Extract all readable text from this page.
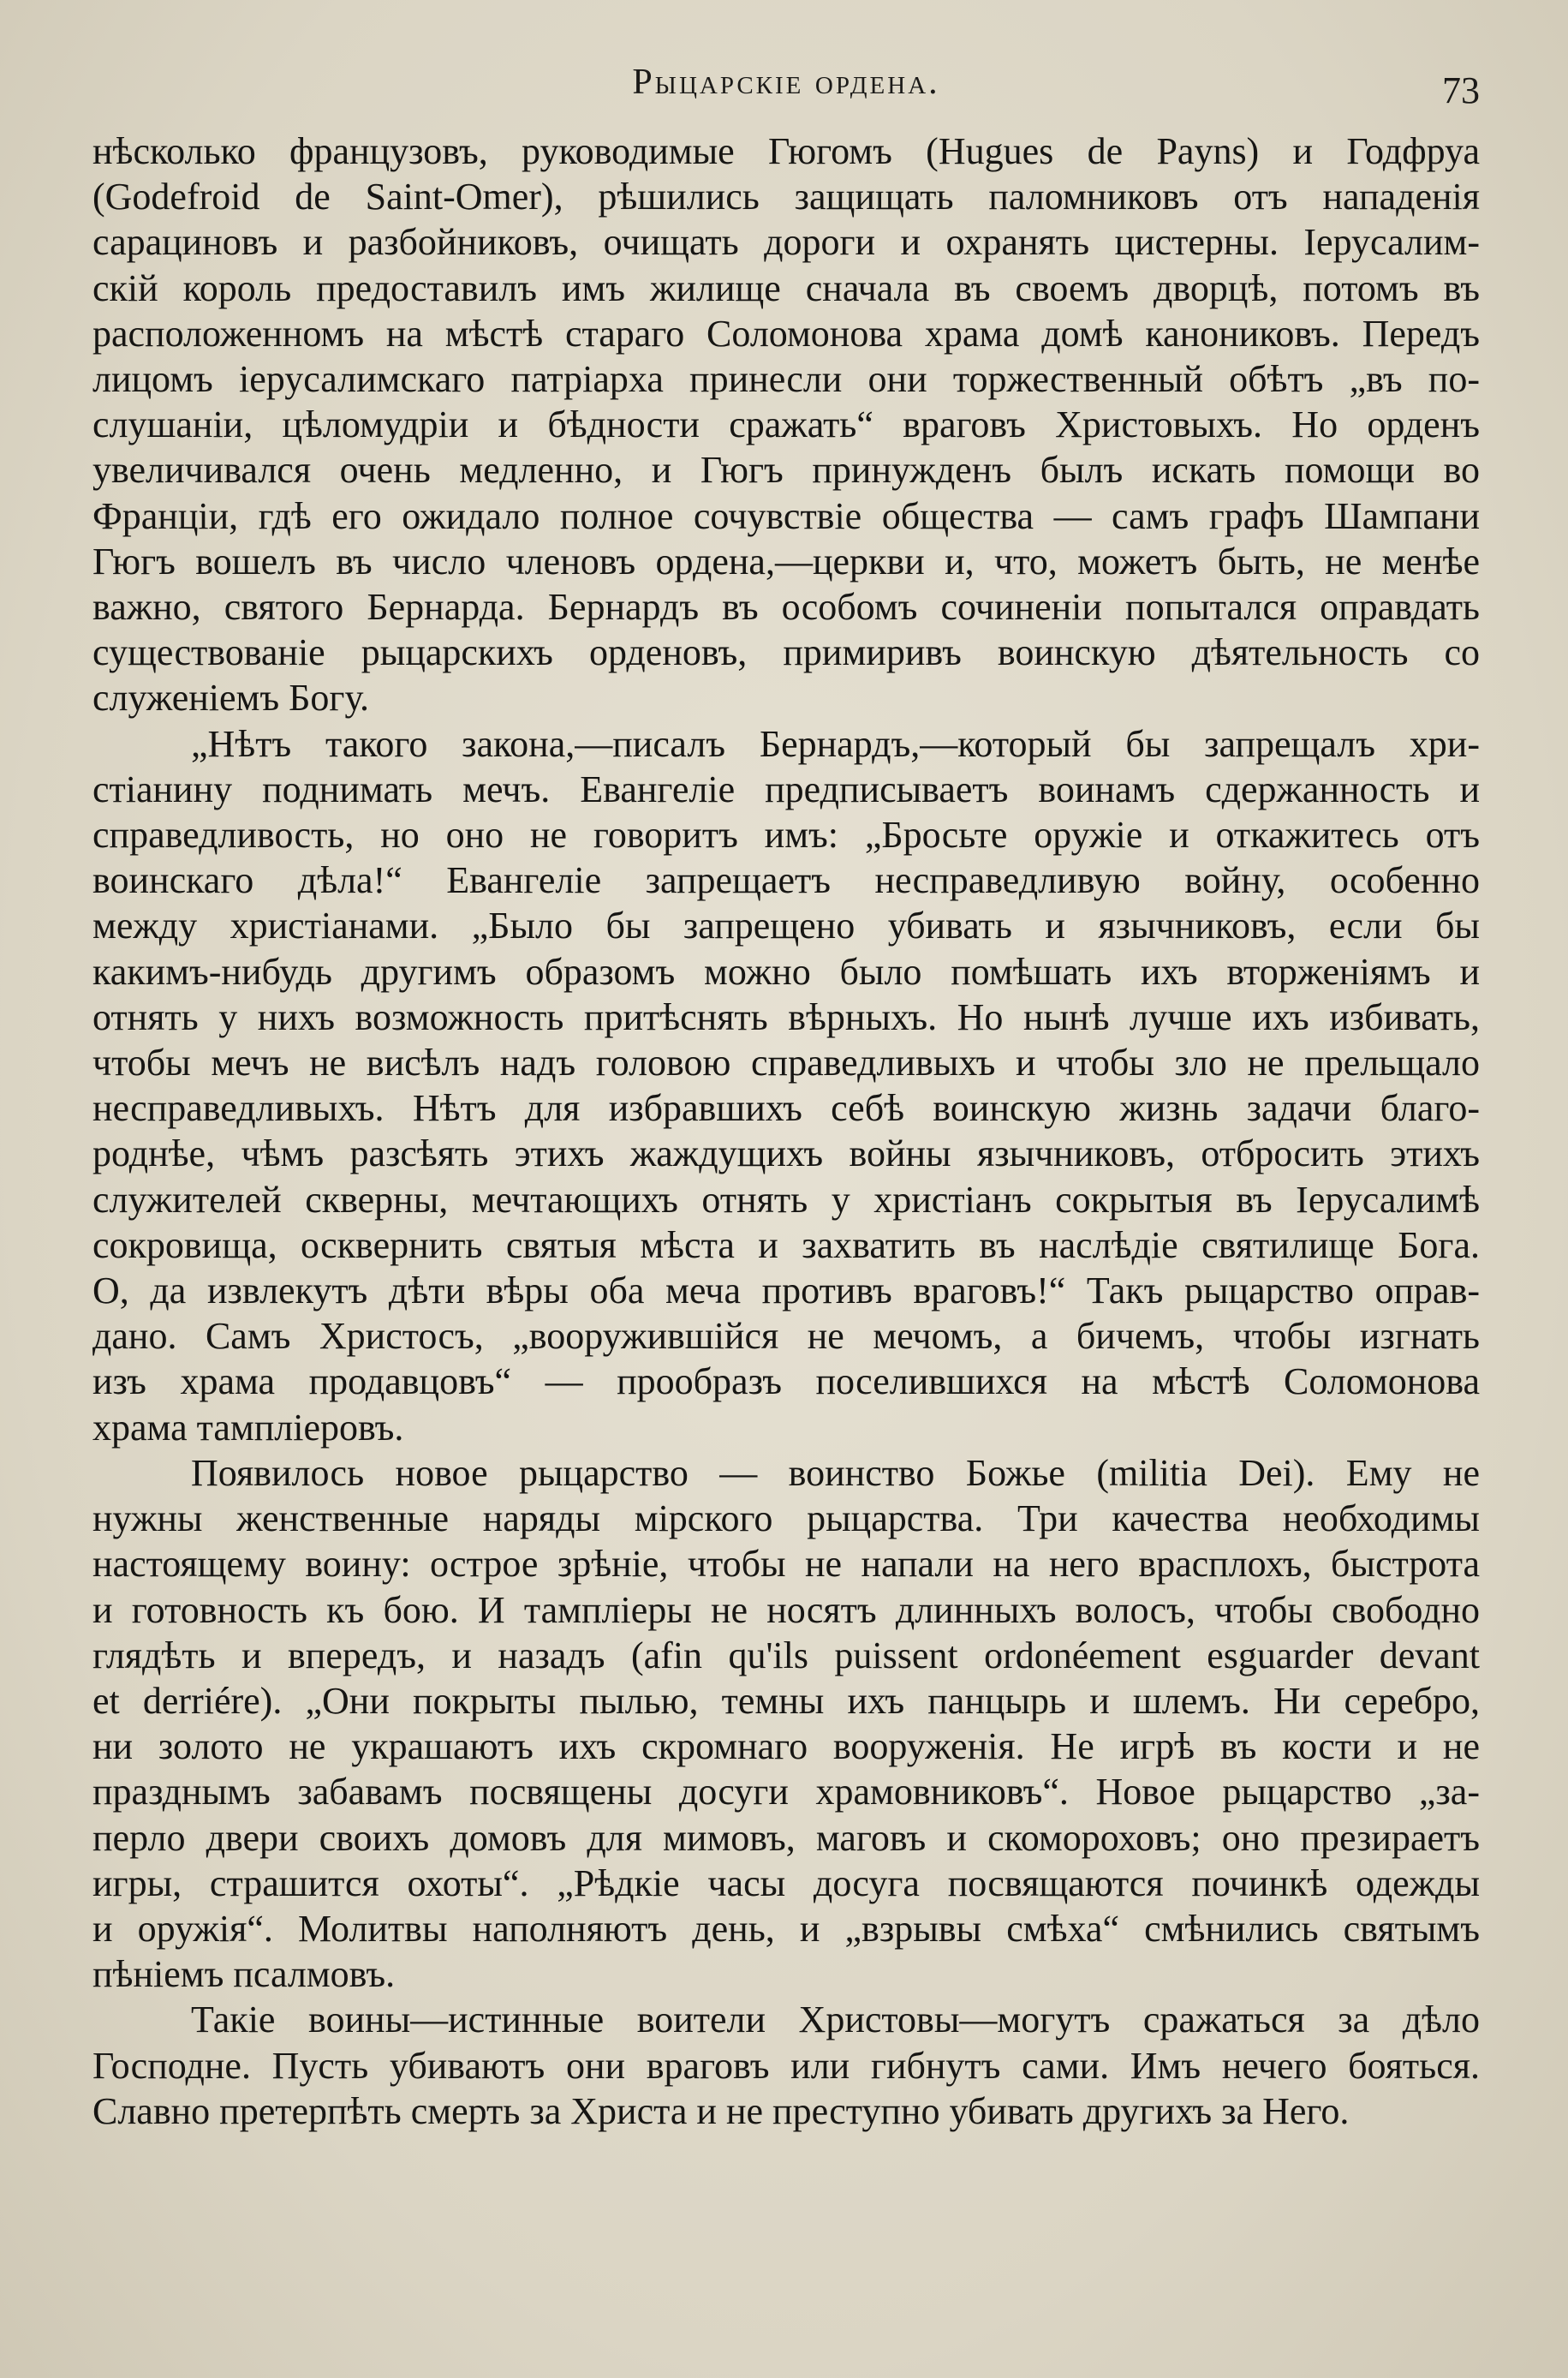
Рыцарскіе ордена.	73

нѣсколько французовъ, руководимые Гюгомъ (Hugues de Payns) и Годфруа
(Godefroid de Saint-Omer), рѣшились защищать паломниковъ отъ нападенія
сарациновъ и разбойниковъ, очищать дороги и охранять цистерны. Іерусалим-
скій король предоставилъ имъ жилище сначала въ своемъ дворцѣ, потомъ въ
расположенномъ на мѣстѣ стараго Соломонова храма домѣ канониковъ. Передъ
лицомъ іерусалимскаго патріарха принесли они торжественный обѣтъ „въ по-
слушаніи, цѣломудріи и бѣдности сражать“ враговъ Христовыхъ. Но орденъ
увеличивался очень медленно, и Гюгъ принужденъ былъ искать помощи во
Франціи, гдѣ его ожидало полное сочувствіе общества — самъ графъ Шампани
Гюгъ вошелъ въ число членовъ ордена,—церкви и, что, можетъ быть, не менѣе
важно, святого Бернарда. Бернардъ въ особомъ сочиненіи попытался оправдать
существованіе рыцарскихъ орденовъ, примиривъ воинскую дѣятельность со
служеніемъ Богу.

„Нѣтъ такого закона,—писалъ Бернардъ,—который бы запрещалъ хри-
стіанину поднимать мечъ. Евангеліе предписываетъ воинамъ сдержанность и
справедливость, но оно не говоритъ имъ: „Бросьте оружіе и откажитесь отъ
воинскаго дѣла!“ Евангеліе запрещаетъ несправедливую войну, особенно
между христіанами. „Было бы запрещено убивать и язычниковъ, если бы
какимъ-нибудь другимъ образомъ можно было помѣшать ихъ вторженіямъ и
отнять у нихъ возможность притѣснять вѣрныхъ. Но нынѣ лучше ихъ избивать,
чтобы мечъ не висѣлъ надъ головою справедливыхъ и чтобы зло не прельщало
несправедливыхъ. Нѣтъ для избравшихъ себѣ воинскую жизнь задачи благо-
роднѣе, чѣмъ разсѣять этихъ жаждущихъ войны язычниковъ, отбросить этихъ
служителей скверны, мечтающихъ отнять у христіанъ сокрытыя въ Іерусалимѣ
сокровища, осквернить святыя мѣста и захватить въ наслѣдіе святилище Бога.
О, да извлекутъ дѣти вѣры оба меча противъ враговъ!“ Такъ рыцарство оправ-
дано. Самъ Христосъ, „вооружившійся не мечомъ, а бичемъ, чтобы изгнать
изъ храма продавцовъ“ — прообразъ поселившихся на мѣстѣ Соломонова
храма тампліеровъ.

Появилось новое рыцарство — воинство Божье (militia Dei). Ему не
нужны женственные наряды мірского рыцарства. Три качества необходимы
настоящему воину: острое зрѣніе, чтобы не напали на него врасплохъ, быстрота
и готовность къ бою. И тампліеры не носятъ длинныхъ волосъ, чтобы свободно
глядѣть и впередъ, и назадъ (afin qu'ils puissent ordonéement esguarder devant
et derriére). „Они покрыты пылью, темны ихъ панцырь и шлемъ. Ни серебро,
ни золото не украшаютъ ихъ скромнаго вооруженія. Не игрѣ въ кости и не
празднымъ забавамъ посвящены досуги храмовниковъ“. Новое рыцарство „за-
перло двери своихъ домовъ для мимовъ, маговъ и скомороховъ; оно презираетъ
игры, страшится охоты“. „Рѣдкіе часы досуга посвящаются починкѣ одежды
и оружія“. Молитвы наполняютъ день, и „взрывы смѣха“ смѣнились святымъ
пѣніемъ псалмовъ.

Такіе воины—истинные воители Христовы—могутъ сражаться за дѣло
Господне. Пусть убиваютъ они враговъ или гибнутъ сами. Имъ нечего бояться.
Славно претерпѣть смерть за Христа и не преступно убивать другихъ за Него.
